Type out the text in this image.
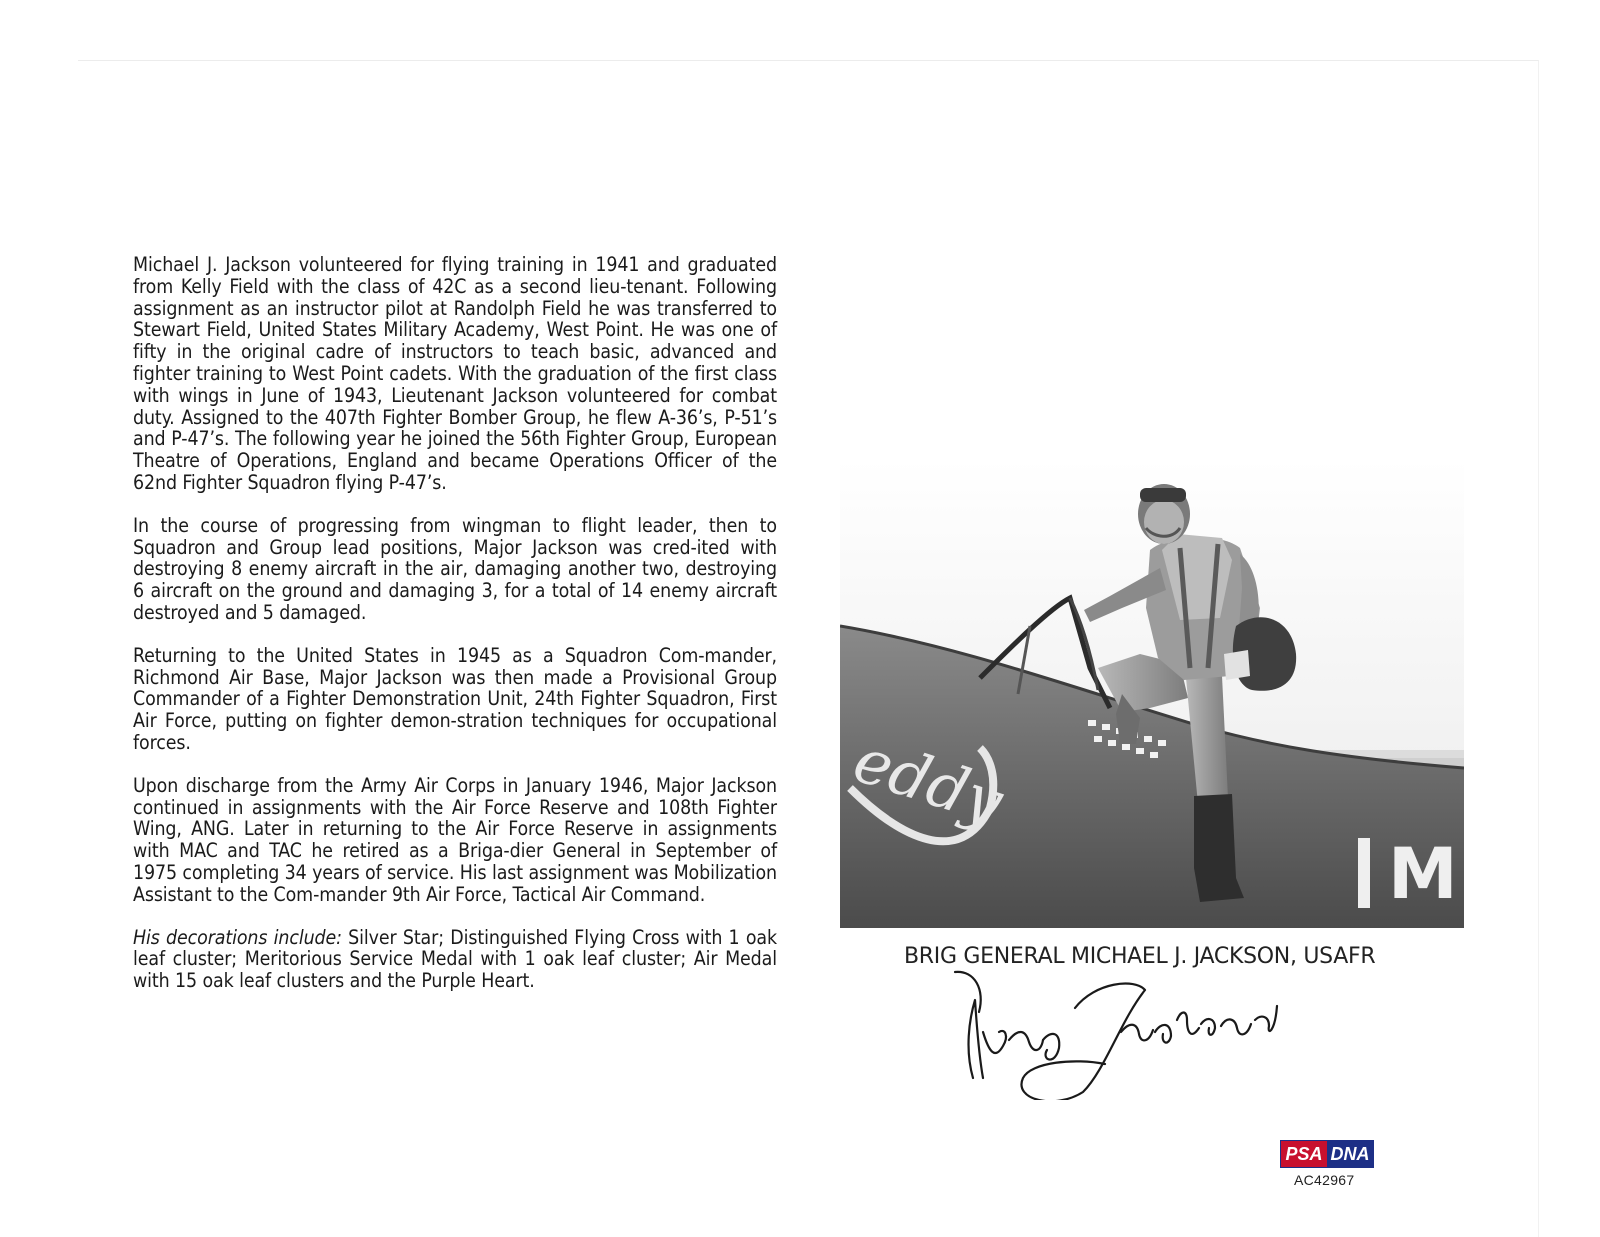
Michael J. Jackson volunteered for flying training in 1941 and graduated from Kelly Field with the class of 42C as a second lieu-tenant. Following assignment as an instructor pilot at Randolph Field he was transferred to Stewart Field, United States Military Academy, West Point. He was one of fifty in the original cadre of instructors to teach basic, advanced and fighter training to West Point cadets. With the graduation of the first class with wings in June of 1943, Lieutenant Jackson volunteered for combat duty. Assigned to the 407th Fighter Bomber Group, he flew A-36’s, P-51’s and P-47’s. The following year he joined the 56th Fighter Group, European Theatre of Operations, England and became Operations Officer of the 62nd Fighter Squadron flying P-47’s.

In the course of progressing from wingman to flight leader, then to Squadron and Group lead positions, Major Jackson was cred-ited with destroying 8 enemy aircraft in the air, damaging another two, destroying 6 aircraft on the ground and damaging 3, for a total of 14 enemy aircraft destroyed and 5 damaged.

Returning to the United States in 1945 as a Squadron Com-mander, Richmond Air Base, Major Jackson was then made a Provisional Group Commander of a Fighter Demonstration Unit, 24th Fighter Squadron, First Air Force, putting on fighter demon-stration techniques for occupational forces.

Upon discharge from the Army Air Corps in January 1946, Major Jackson continued in assignments with the Air Force Reserve and 108th Fighter Wing, ANG. Later in returning to the Air Force Reserve in assignments with MAC and TAC he retired as a Briga-dier General in September of 1975 completing 34 years of service. His last assignment was Mobilization Assistant to the Com-mander 9th Air Force, Tactical Air Command.

His decorations include: Silver Star; Distinguished Flying Cross with 1 oak leaf cluster; Meritorious Service Medal with 1 oak leaf cluster; Air Medal with 15 oak leaf clusters and the Purple Heart.

eddy
M
BRIG GENERAL MICHAEL J. JACKSON, USAFR
PSA DNA
AC42967
